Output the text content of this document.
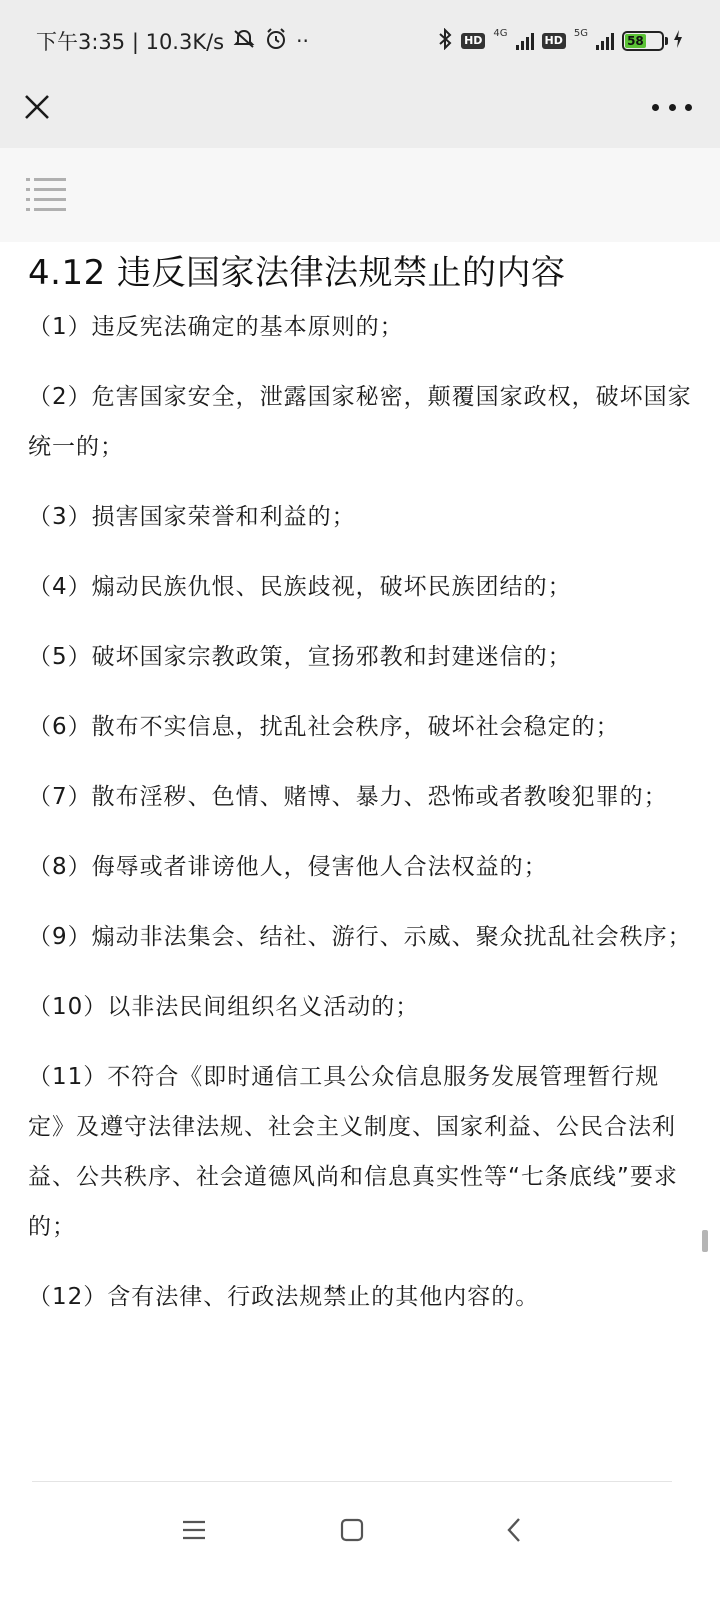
下午3:35 | 10.3K/s	··	HD
4G
HD
5G
58
4.12 违反国家法律法规禁止的内容

（1）违反宪法确定的基本原则的；

（2）危害国家安全，泄露国家秘密，颠覆国家政权，破坏国家统一的；

（3）损害国家荣誉和利益的；

（4）煽动民族仇恨、民族歧视，破坏民族团结的；

（5）破坏国家宗教政策，宣扬邪教和封建迷信的；

（6）散布不实信息，扰乱社会秩序，破坏社会稳定的；

（7）散布淫秽、色情、赌博、暴力、恐怖或者教唆犯罪的；

（8）侮辱或者诽谤他人，侵害他人合法权益的；

（9）煽动非法集会、结社、游行、示威、聚众扰乱社会秩序；

（10）以非法民间组织名义活动的；

（11）不符合《即时通信工具公众信息服务发展管理暂行规定》及遵守法律法规、社会主义制度、国家利益、公民合法利益、公共秩序、社会道德风尚和信息真实性等“七条底线”要求的；

（12）含有法律、行政法规禁止的其他内容的。
